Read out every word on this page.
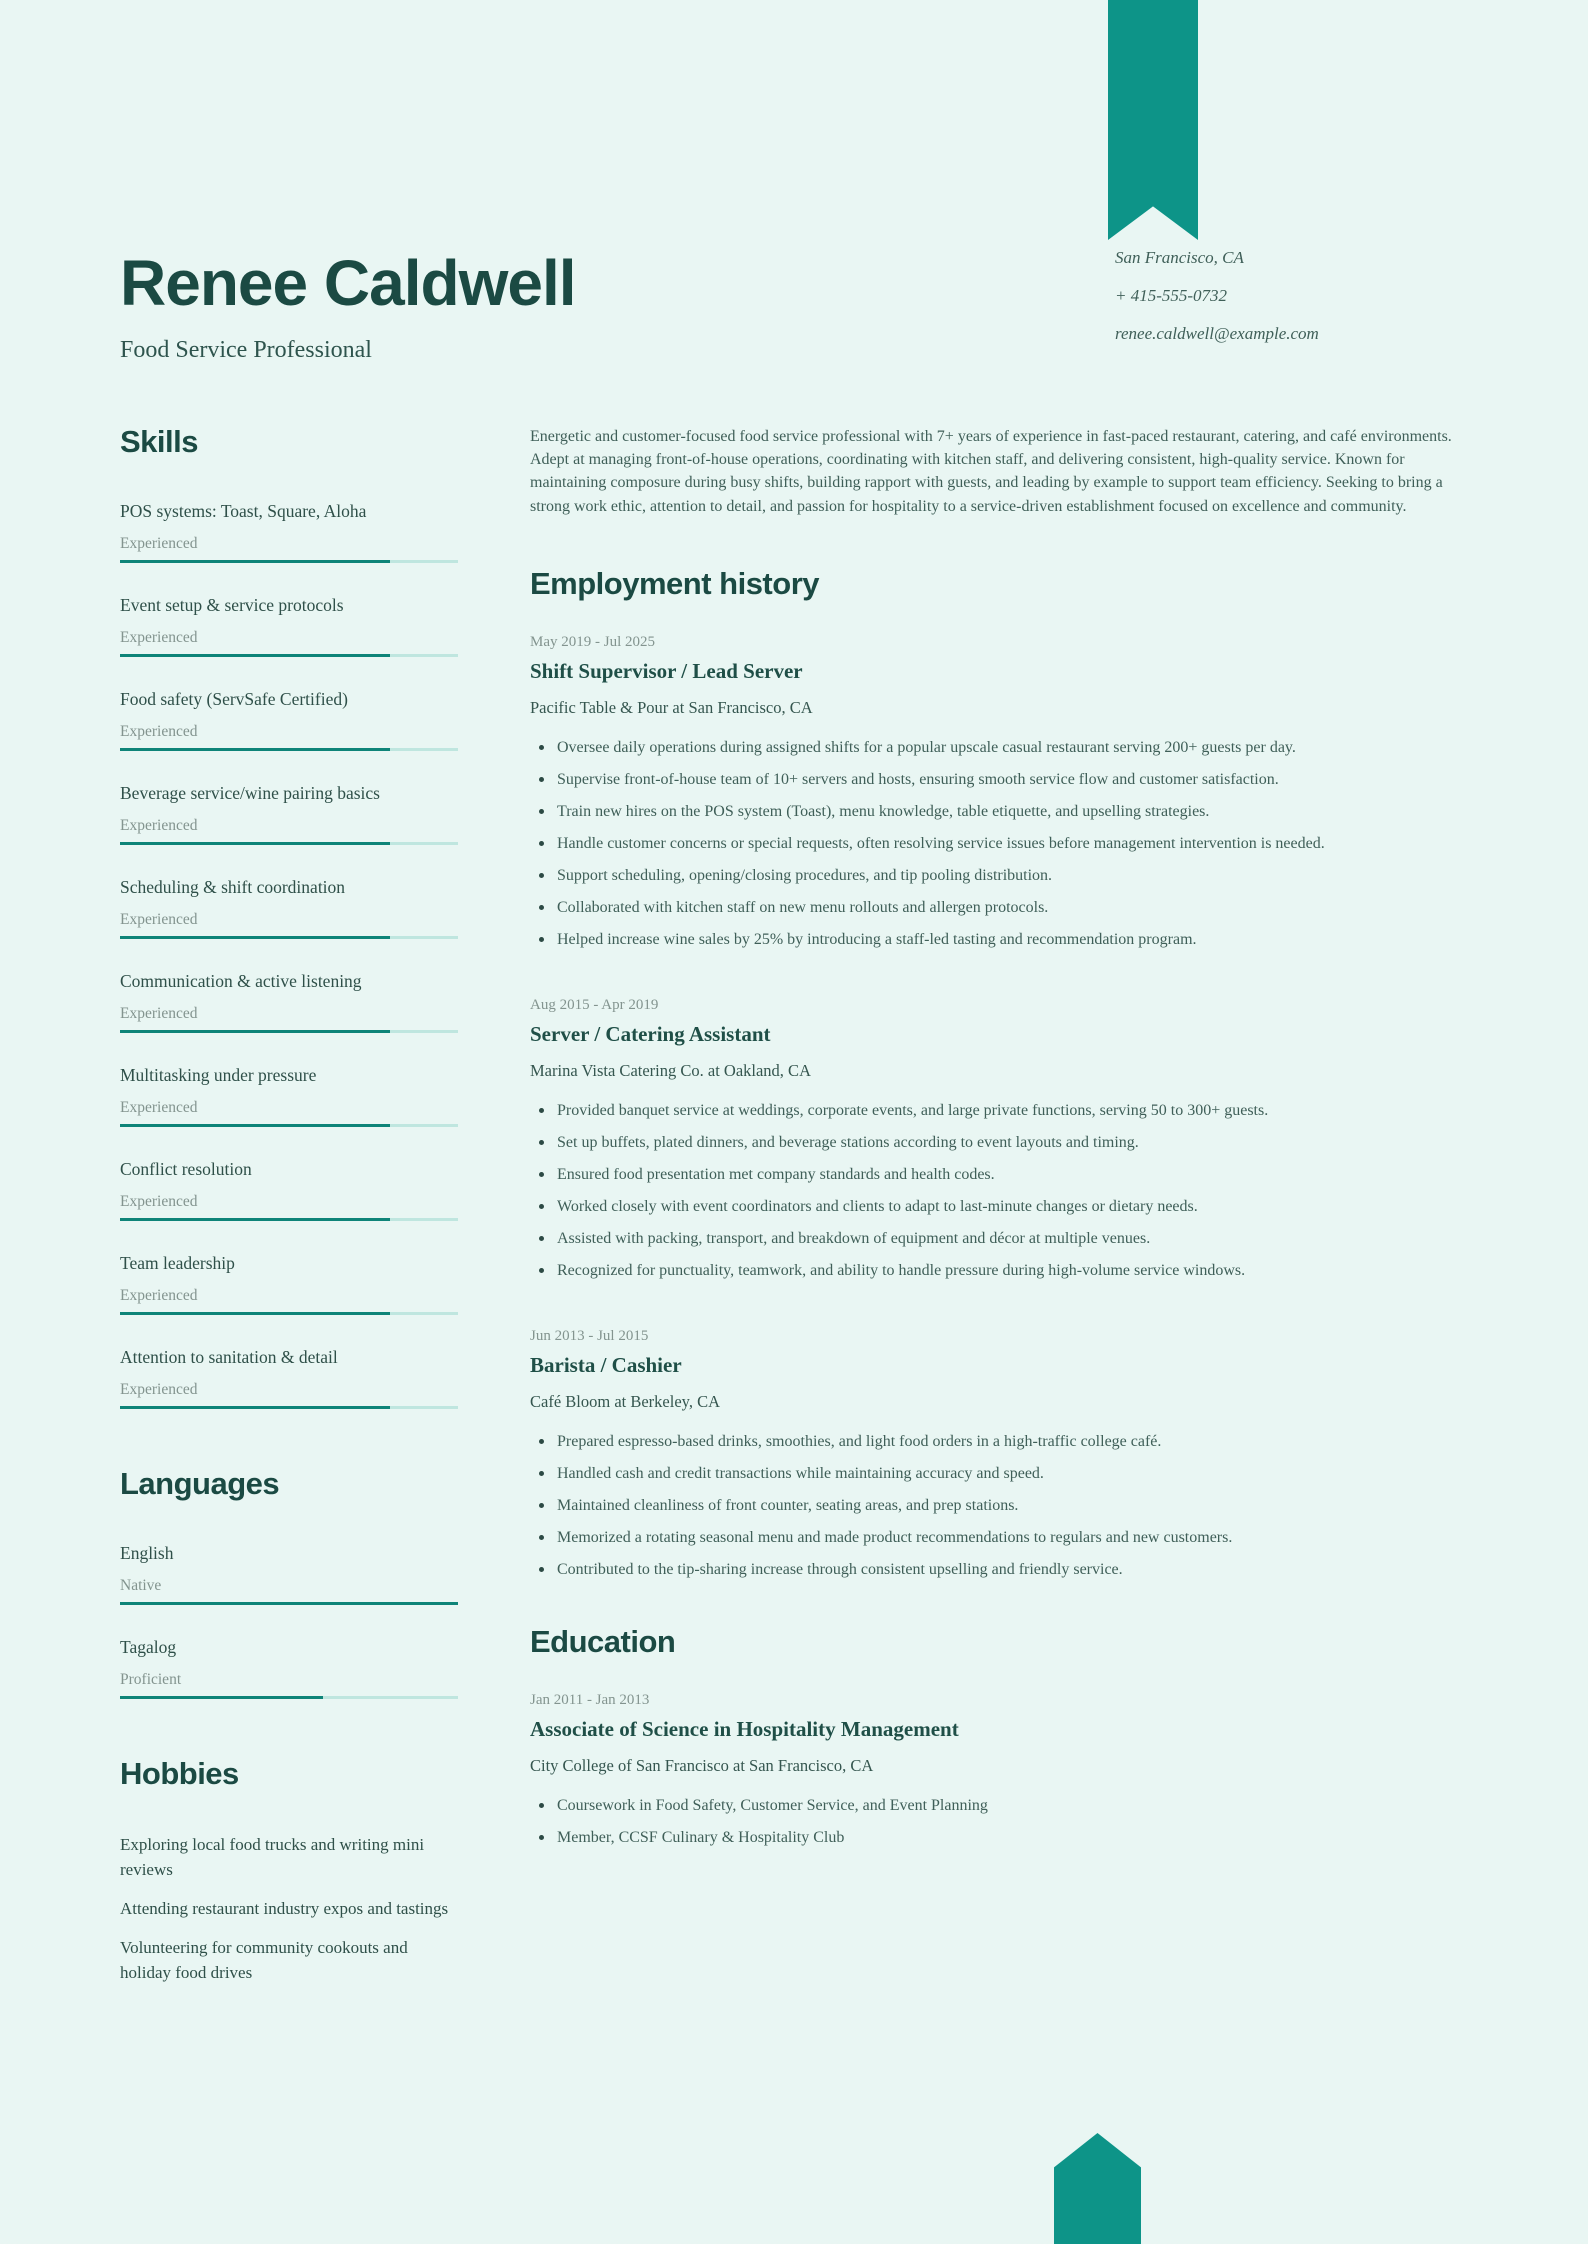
San Francisco, CA
+ 415-555-0732
renee.caldwell@example.com
Renee Caldwell
Food Service Professional
Skills
POS systems: Toast, Square, Aloha
Experienced
Event setup & service protocols
Experienced
Food safety (ServSafe Certified)
Experienced
Beverage service/wine pairing basics
Experienced
Scheduling & shift coordination
Experienced
Communication & active listening
Experienced
Multitasking under pressure
Experienced
Conflict resolution
Experienced
Team leadership
Experienced
Attention to sanitation & detail
Experienced
Languages
English
Native
Tagalog
Proficient
Hobbies
Exploring local food trucks and writing mini reviews
Attending restaurant industry expos and tastings
Volunteering for community cookouts and holiday food drives

Energetic and customer-focused food service professional with 7+ years of experience in fast-paced restaurant, catering, and café environments. Adept at managing front-of-house operations, coordinating with kitchen staff, and delivering consistent, high-quality service. Known for maintaining composure during busy shifts, building rapport with guests, and leading by example to support team efficiency. Seeking to bring a strong work ethic, attention to detail, and passion for hospitality to a service-driven establishment focused on excellence and community.

Employment history
May 2019 - Jul 2025
Shift Supervisor / Lead Server
Pacific Table & Pour at San Francisco, CA
Oversee daily operations during assigned shifts for a popular upscale casual restaurant serving 200+ guests per day.
Supervise front-of-house team of 10+ servers and hosts, ensuring smooth service flow and customer satisfaction.
Train new hires on the POS system (Toast), menu knowledge, table etiquette, and upselling strategies.
Handle customer concerns or special requests, often resolving service issues before management intervention is needed.
Support scheduling, opening/closing procedures, and tip pooling distribution.
Collaborated with kitchen staff on new menu rollouts and allergen protocols.
Helped increase wine sales by 25% by introducing a staff-led tasting and recommendation program.
Aug 2015 - Apr 2019
Server / Catering Assistant
Marina Vista Catering Co. at Oakland, CA
Provided banquet service at weddings, corporate events, and large private functions, serving 50 to 300+ guests.
Set up buffets, plated dinners, and beverage stations according to event layouts and timing.
Ensured food presentation met company standards and health codes.
Worked closely with event coordinators and clients to adapt to last-minute changes or dietary needs.
Assisted with packing, transport, and breakdown of equipment and décor at multiple venues.
Recognized for punctuality, teamwork, and ability to handle pressure during high-volume service windows.
Jun 2013 - Jul 2015
Barista / Cashier
Café Bloom at Berkeley, CA
Prepared espresso-based drinks, smoothies, and light food orders in a high-traffic college café.
Handled cash and credit transactions while maintaining accuracy and speed.
Maintained cleanliness of front counter, seating areas, and prep stations.
Memorized a rotating seasonal menu and made product recommendations to regulars and new customers.
Contributed to the tip-sharing increase through consistent upselling and friendly service.
Education
Jan 2011 - Jan 2013
Associate of Science in Hospitality Management
City College of San Francisco at San Francisco, CA
Coursework in Food Safety, Customer Service, and Event Planning
Member, CCSF Culinary & Hospitality Club
